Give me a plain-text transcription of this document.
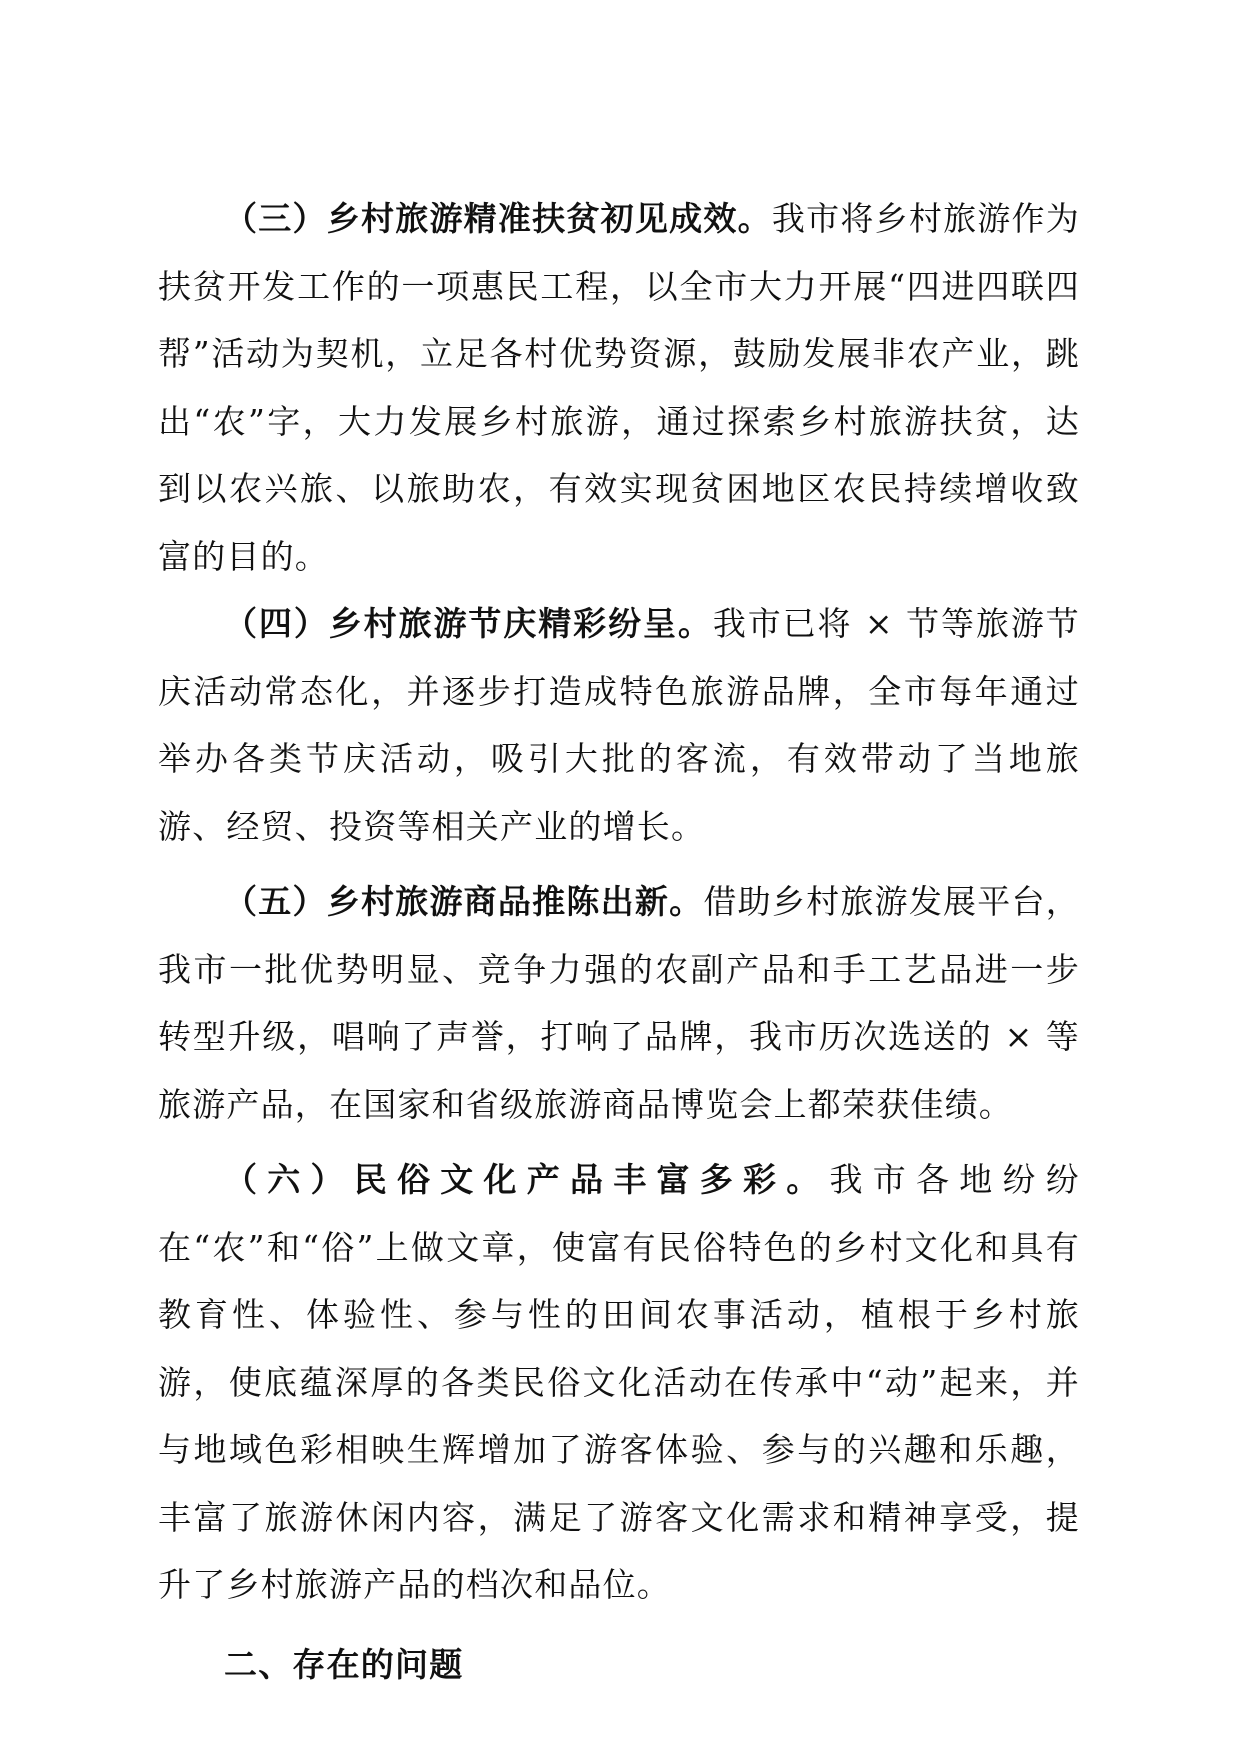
（三）乡村旅游精准扶贫初见成效。我市将乡村旅游作为扶贫开发工作的一项惠民工程，以全市大力开展“四进四联四帮”活动为契机，立足各村优势资源，鼓励发展非农产业，跳出“农”字，大力发展乡村旅游，通过探索乡村旅游扶贫，达到以农兴旅、以旅助农，有效实现贫困地区农民持续增收致富的目的。

（四）乡村旅游节庆精彩纷呈。我市已将 × 节等旅游节庆活动常态化，并逐步打造成特色旅游品牌，全市每年通过举办各类节庆活动，吸引大批的客流，有效带动了当地旅游、经贸、投资等相关产业的增长。

（五）乡村旅游商品推陈出新。借助乡村旅游发展平台，我市一批优势明显、竞争力强的农副产品和手工艺品进一步转型升级，唱响了声誉，打响了品牌，我市历次选送的 × 等旅游产品，在国家和省级旅游商品博览会上都荣获佳绩。

（六）民俗文化产品丰富多彩。我市各地纷纷在“农”和“俗”上做文章，使富有民俗特色的乡村文化和具有教育性、体验性、参与性的田间农事活动，植根于乡村旅游，使底蕴深厚的各类民俗文化活动在传承中“动”起来，并与地域色彩相映生辉增加了游客体验、参与的兴趣和乐趣，丰富了旅游休闲内容，满足了游客文化需求和精神享受，提升了乡村旅游产品的档次和品位。

二、存在的问题
